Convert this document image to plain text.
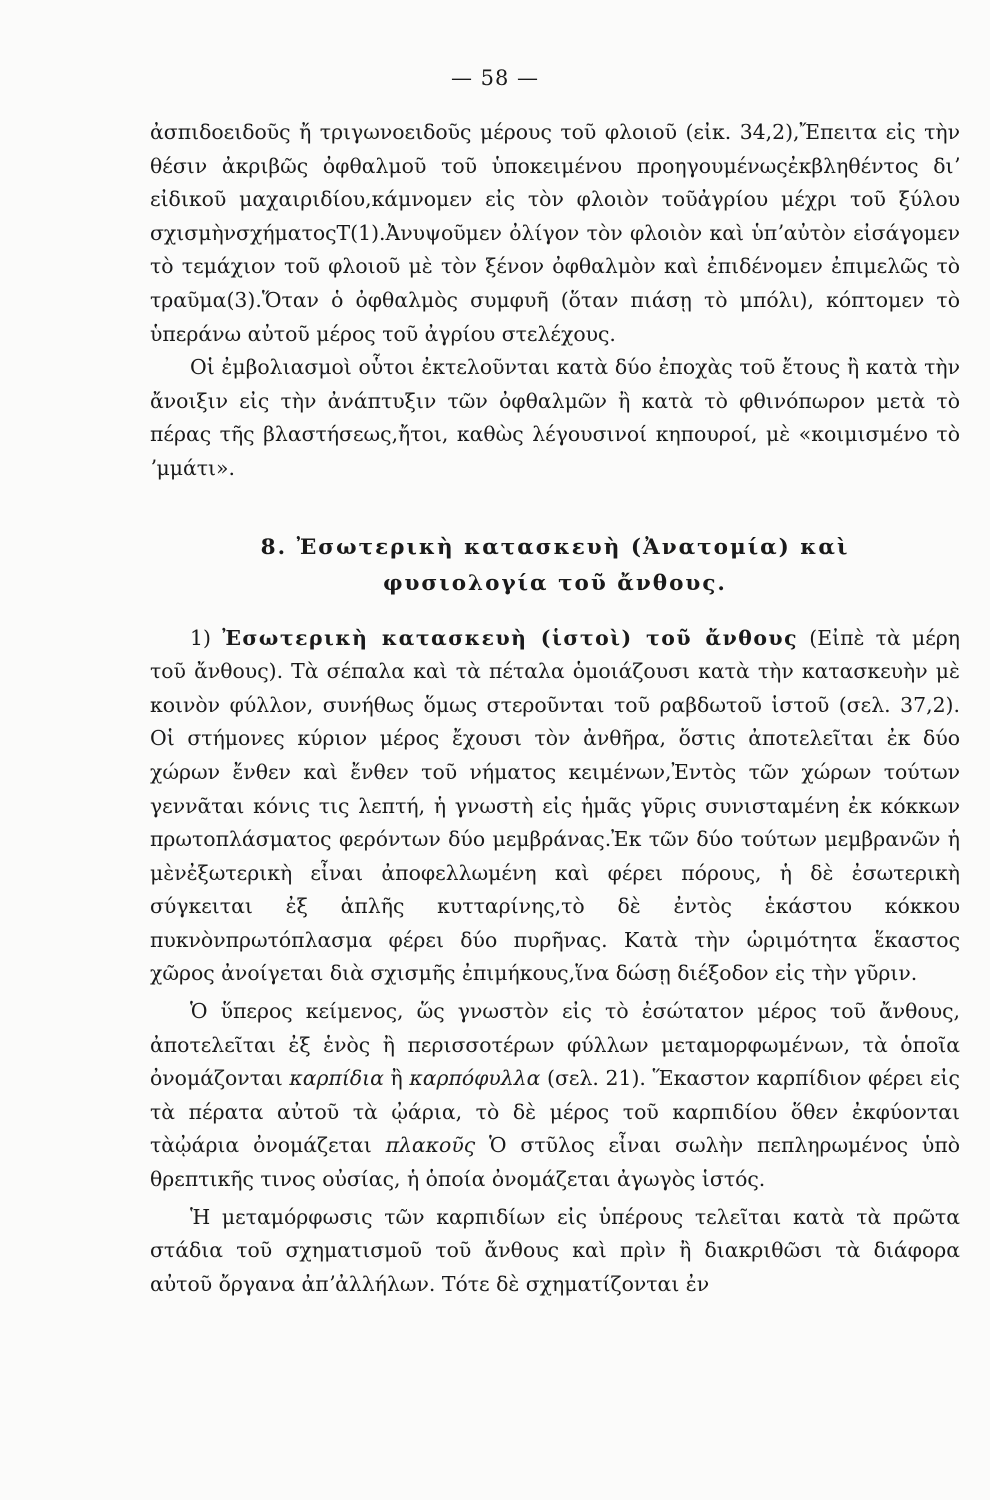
— 58 —

ἀσπιδοειδοῦς ἤ τριγωνοειδοῦς μέρους τοῦ φλοιοῦ (εἰκ. 34,2),Ἔπειτα εἰς τὴν θέσιν ἀκριβῶς ὀφθαλμοῦ τοῦ ὑποκειμένου προηγουμένωςἐκβληθέντος διʼ εἰδικοῦ μαχαιριδίου,κάμνομεν εἰς τὸν φλοιὸν τοῦἀγρίου μέχρι τοῦ ξύλου σχισμὴνσχήματοςΤ(1).Ἀνυψοῦμεν ὀλίγον τὸν φλοιὸν καὶ ὑπʼαὐτὸν εἰσάγομεν τὸ τεμάχιον τοῦ φλοιοῦ μὲ τὸν ξένον ὀφθαλμὸν καὶ ἐπιδένομεν ἐπιμελῶς τὸ τραῦμα(3).Ὅταν ὁ ὀφθαλμὸς συμφυῆ (ὅταν πιάσῃ τὸ μπόλι), κόπτομεν τὸ ὑπεράνω αὐτοῦ μέρος τοῦ ἀγρίου στελέχους.

Οἱ ἐμβολιασμοὶ οὗτοι ἐκτελοῦνται κατὰ δύο ἐποχὰς τοῦ ἔτους ἢ κατὰ τὴν ἄνοιξιν εἰς τὴν ἀνάπτυξιν τῶν ὀφθαλμῶν ἢ κατὰ τὸ φθινόπωρον μετὰ τὸ πέρας τῆς βλαστήσεως,ἤτοι, καθὼς λέγουσινοί κηπουροί, μὲ «κοιμισμένο τὸ ʼμμάτι».

8. Ἐσωτερικὴ κατασκευὴ (Ἀνατομία) καὶ
φυσιολογία τοῦ ἄνθους.

1) Ἐσωτερικὴ κατασκευὴ (ἱστοὶ) τοῦ ἄνθους (Εἰπὲ τὰ μέρη τοῦ ἄνθους). Τὰ σέπαλα καὶ τὰ πέταλα ὁμοιάζουσι κατὰ τὴν κατασκευὴν μὲ κοινὸν φύλλον, συνήθως ὅμως στεροῦνται τοῦ ραβδωτοῦ ἱστοῦ (σελ. 37,2). Οἱ στήμονες κύριον μέρος ἔχουσι τὸν ἀνθῆρα, ὅστις ἀποτελεῖται ἐκ δύο χώρων ἔνθεν καὶ ἔνθεν τοῦ νήματος κειμένων,Ἐντὸς τῶν χώρων τούτων γεννᾶται κόνις τις λεπτή, ἡ γνωστὴ εἰς ἡμᾶς γῦρις συνισταμένη ἐκ κόκκων πρωτοπλάσματος φερόντων δύο μεμβράνας.Ἐκ τῶν δύο τούτων μεμβρανῶν ἡ μὲνἐξωτερικὴ εἶναι ἀποφελλωμένη καὶ φέρει πόρους, ἡ δὲ ἐσωτερικὴ σύγκειται ἐξ ἁπλῆς κυτταρίνης,τὸ δὲ ἐντὸς ἑκάστου κόκκου πυκνὸνπρωτόπλασμα φέρει δύο πυρῆνας. Κατὰ τὴν ὡριμότητα ἕκαστος χῶρος ἀνοίγεται διὰ σχισμῆς ἐπιμήκους,ἵνα δώσῃ διέξοδον εἰς τὴν γῦριν.

Ὁ ὕπερος κείμενος, ὥς γνωστὸν εἰς τὸ ἐσώτατον μέρος τοῦ ἄνθους, ἀποτελεῖται ἐξ ἑνὸς ἢ περισσοτέρων φύλλων μεταμορφωμένων, τὰ ὁποῖα ὀνομάζονται καρπίδια ἢ καρπόφυλλα (σελ. 21). Ἕκαστον καρπίδιον φέρει εἰς τὰ πέρατα αὐτοῦ τὰ ᾠάρια, τὸ δὲ μέρος τοῦ καρπιδίου ὅθεν ἐκφύονται τὰᾠάρια ὀνομάζεται πλακοῦς Ὁ στῦλος εἶναι σωλὴν πεπληρωμένος ὑπὸ θρεπτικῆς τινος οὐσίας, ἡ ὁποία ὀνομάζεται ἀγωγὸς ἱστός.

Ἡ μεταμόρφωσις τῶν καρπιδίων εἰς ὑπέρους τελεῖται κατὰ τὰ πρῶτα στάδια τοῦ σχηματισμοῦ τοῦ ἄνθους καὶ πρὶν ἢ διακριθῶσι τὰ διάφορα αὐτοῦ ὄργανα ἀπʼἀλλήλων. Τότε δὲ σχηματίζονται ἐν
